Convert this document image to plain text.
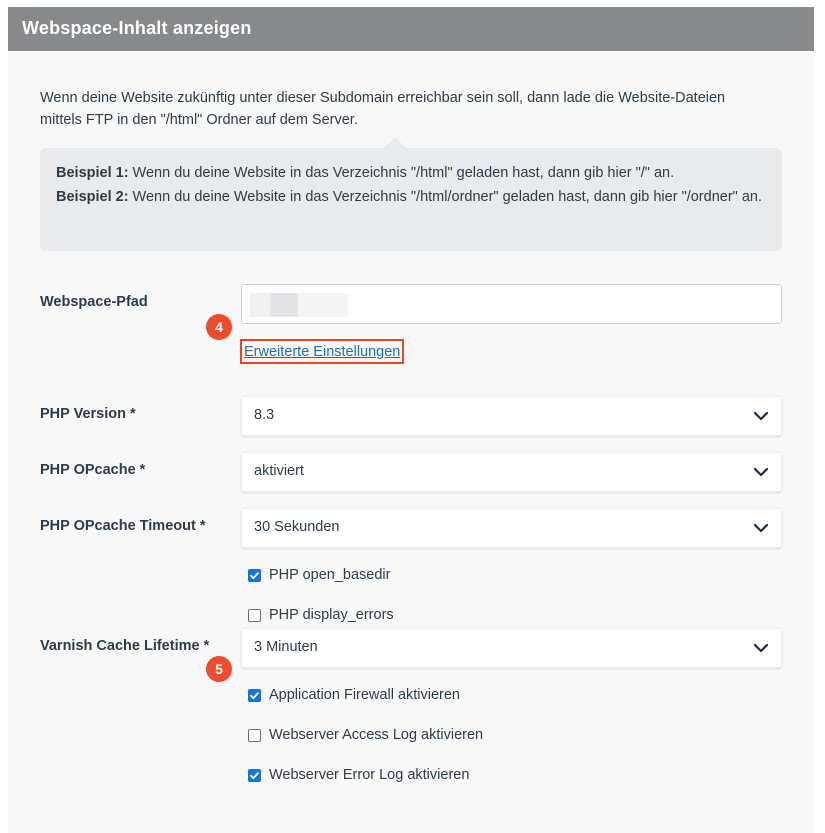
Webspace-Inhalt anzeigen

Wenn deine Website zukünftig unter dieser Subdomain erreichbar sein soll, dann lade die Website-Dateien mittels FTP in den "/html" Ordner auf dem Server.

Beispiel 1: Wenn du deine Website in das Verzeichnis "/html" geladen hast, dann gib hier "/" an.
Beispiel 2: Wenn du deine Website in das Verzeichnis "/html/ordner" geladen hast, dann gib hier "/ordner" an.
Webspace-Pfad
4
Erweiterte Einstellungen
PHP Version *	8.3
PHP OPcache *	aktiviert
PHP OPcache Timeout *	30 Sekunden
PHP open_basedir
PHP display_errors
Varnish Cache Lifetime *	3 Minuten
5
Application Firewall aktivieren
Webserver Access Log aktivieren
Webserver Error Log aktivieren
